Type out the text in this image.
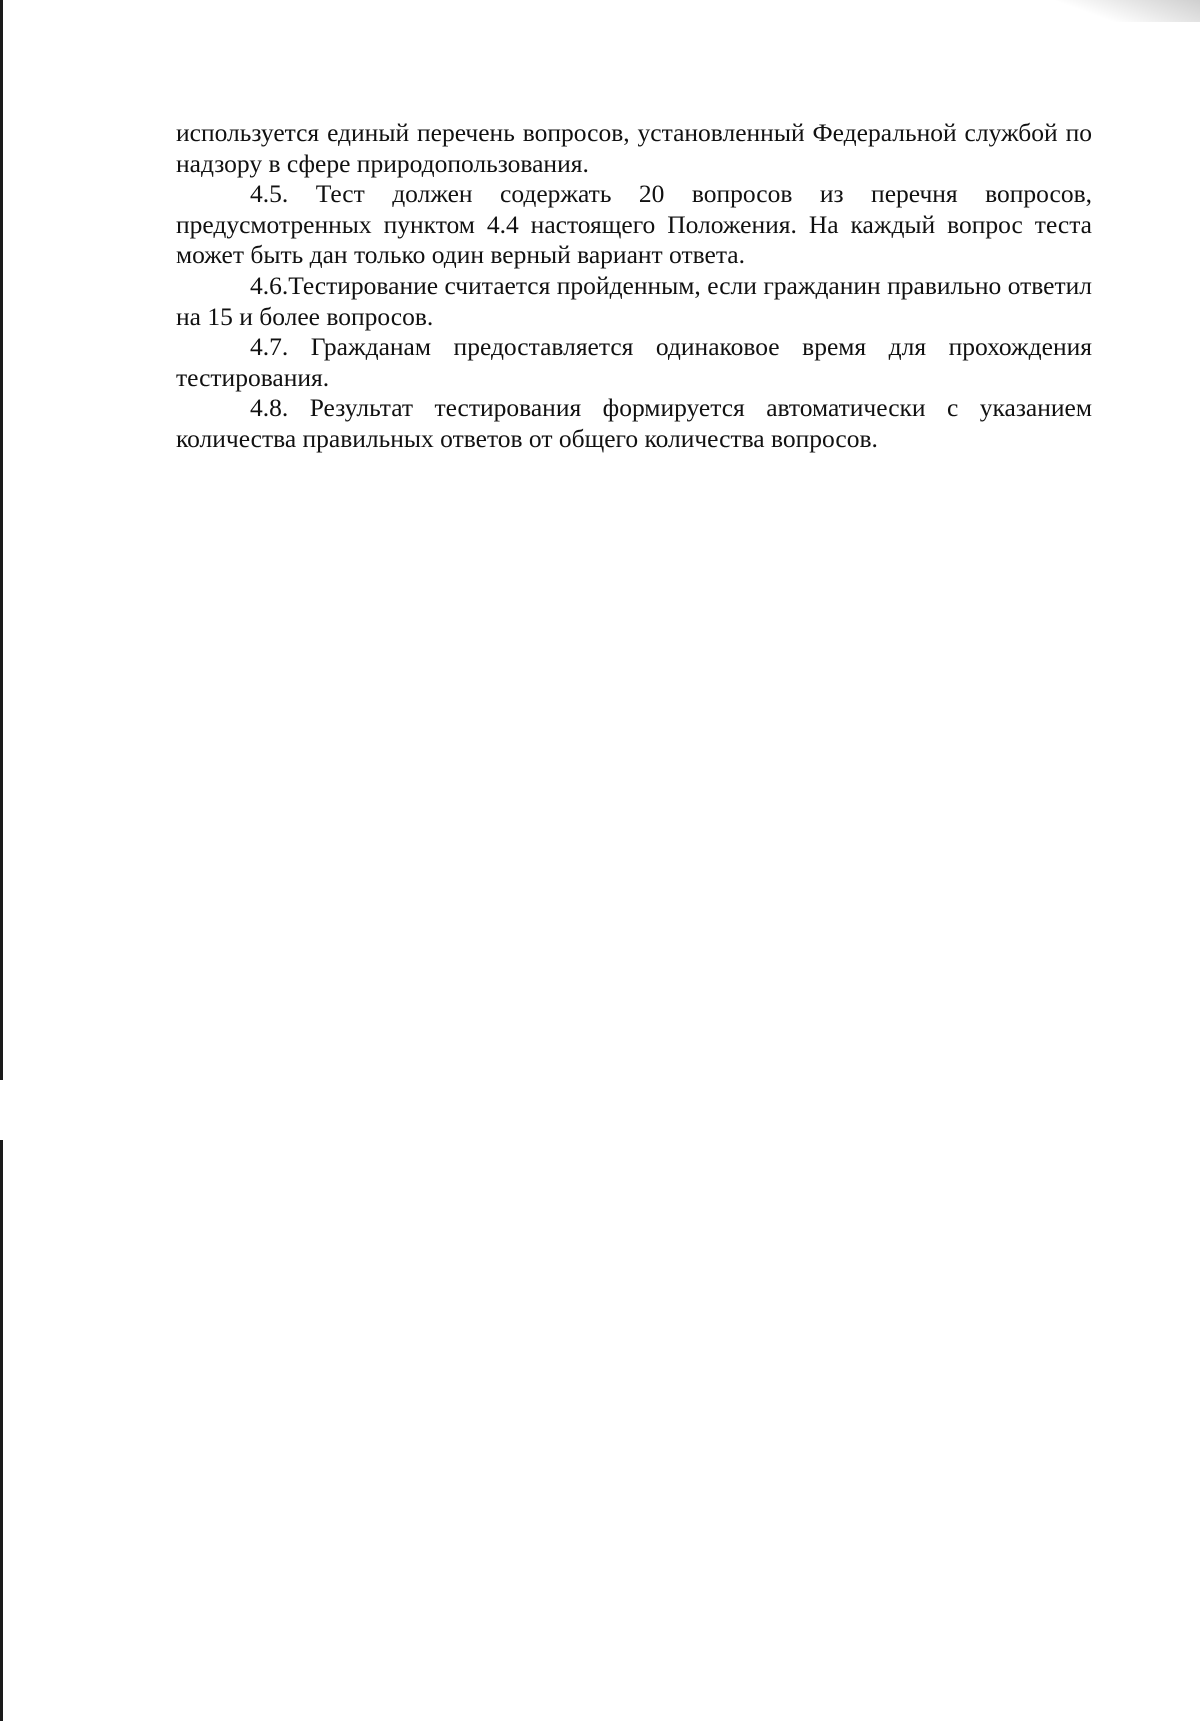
используется единый перечень вопросов, установленный Федеральной службой по надзору в сфере природопользования.

4.5. Тест должен содержать 20 вопросов из перечня вопросов, предусмотренных пунктом 4.4 настоящего Положения. На каждый вопрос теста может быть дан только один верный вариант ответа.

4.6.Тестирование считается пройденным, если гражданин правильно ответил на 15 и более вопросов.

4.7. Гражданам предоставляется одинаковое время для прохождения тестирования.

4.8. Результат тестирования формируется автоматически с указанием количества правильных ответов от общего количества вопросов.
